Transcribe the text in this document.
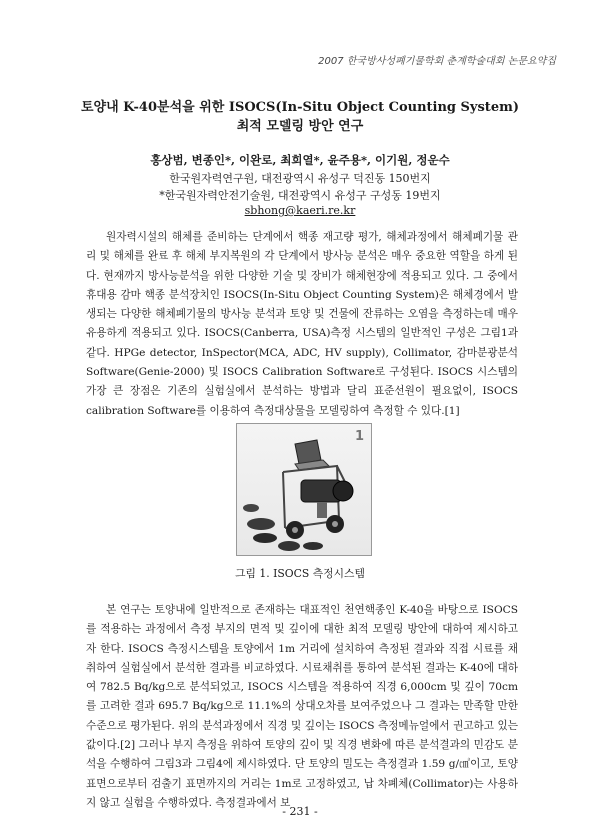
2007 한국방사성폐기물학회 춘계학술대회 논문요약집
토양내 K-40분석을 위한 ISOCS(In-Situ Object Counting System)
최적 모델링 방안 연구
홍상범, 변종인*, 이완로, 최희열*, 윤주용*, 이기원, 정운수
한국원자력연구원, 대전광역시 유성구 덕진동 150번지
*한국원자력안전기술원, 대전광역시 유성구 구성동 19번지
sbhong@kaeri.re.kr
원자력시설의 해체를 준비하는 단계에서 핵종 재고량 평가, 해체과정에서 해체폐기물 관리 및 해체를 완료 후 해체 부지복원의 각 단계에서 방사능 분석은 매우 중요한 역할을 하게 된다. 현재까지 방사능분석을 위한 다양한 기술 및 장비가 해체현장에 적용되고 있다. 그 중에서 휴대용 감마 핵종 분석장치인 ISOCS(In-Situ Object Counting System)은 해체경에서 발생되는 다양한 해체폐기물의 방사능 분석과 토양 및 건물에 잔류하는 오염을 측정하는데 매우 유용하게 적용되고 있다. ISOCS(Canberra, USA)측정 시스템의 일반적인 구성은 그림1과 같다. HPGe detector, InSpector(MCA, ADC, HV supply), Collimator, 감마분광분석 Software(Genie-2000) 및 ISOCS Calibration Software로 구성된다. ISOCS 시스템의 가장 큰 장점은 기존의 실험실에서 분석하는 방법과 달리 표준선원이 필요없이, ISOCS calibration Software를 이용하여 측정대상물을 모델링하여 측정할 수 있다.[1]
1
그림 1. ISOCS 측정시스템
본 연구는 토양내에 일반적으로 존재하는 대표적인 천연핵종인 K-40을 바탕으로 ISOCS를 적용하는 과정에서 측정 부지의 면적 및 깊이에 대한 최적 모델링 방안에 대하여 제시하고자 한다. ISOCS 측정시스템을 토양에서 1m 거리에 설치하여 측정된 결과와 직접 시료를 채취하여 실험실에서 분석한 결과를 비교하였다. 시료채취를 통하여 분석된 결과는 K-40에 대하여 782.5 Bq/kg으로 분석되었고, ISOCS 시스템을 적용하여 직경 6,000cm 및 깊이 70cm를 고려한 결과 695.7 Bq/kg으로 11.1%의 상대오차를 보여주었으나 그 결과는 만족할 만한 수준으로 평가된다. 위의 분석과정에서 직경 및 깊이는 ISOCS 측정메뉴얼에서 권고하고 있는 값이다.[2] 그러나 부지 측정을 위하여 토양의 깊이 및 직경 변화에 따른 분석결과의 민감도 분석을 수행하여 그림3과 그림4에 제시하였다. 단 토양의 밀도는 측정결과 1.59 g/㎤이고, 토양표면으로부터 검출기 표면까지의 거리는 1m로 고정하였고, 납 차폐체(Collimator)는 사용하지 않고 실험을 수행하였다. 측정결과에서 보
- 231 -
